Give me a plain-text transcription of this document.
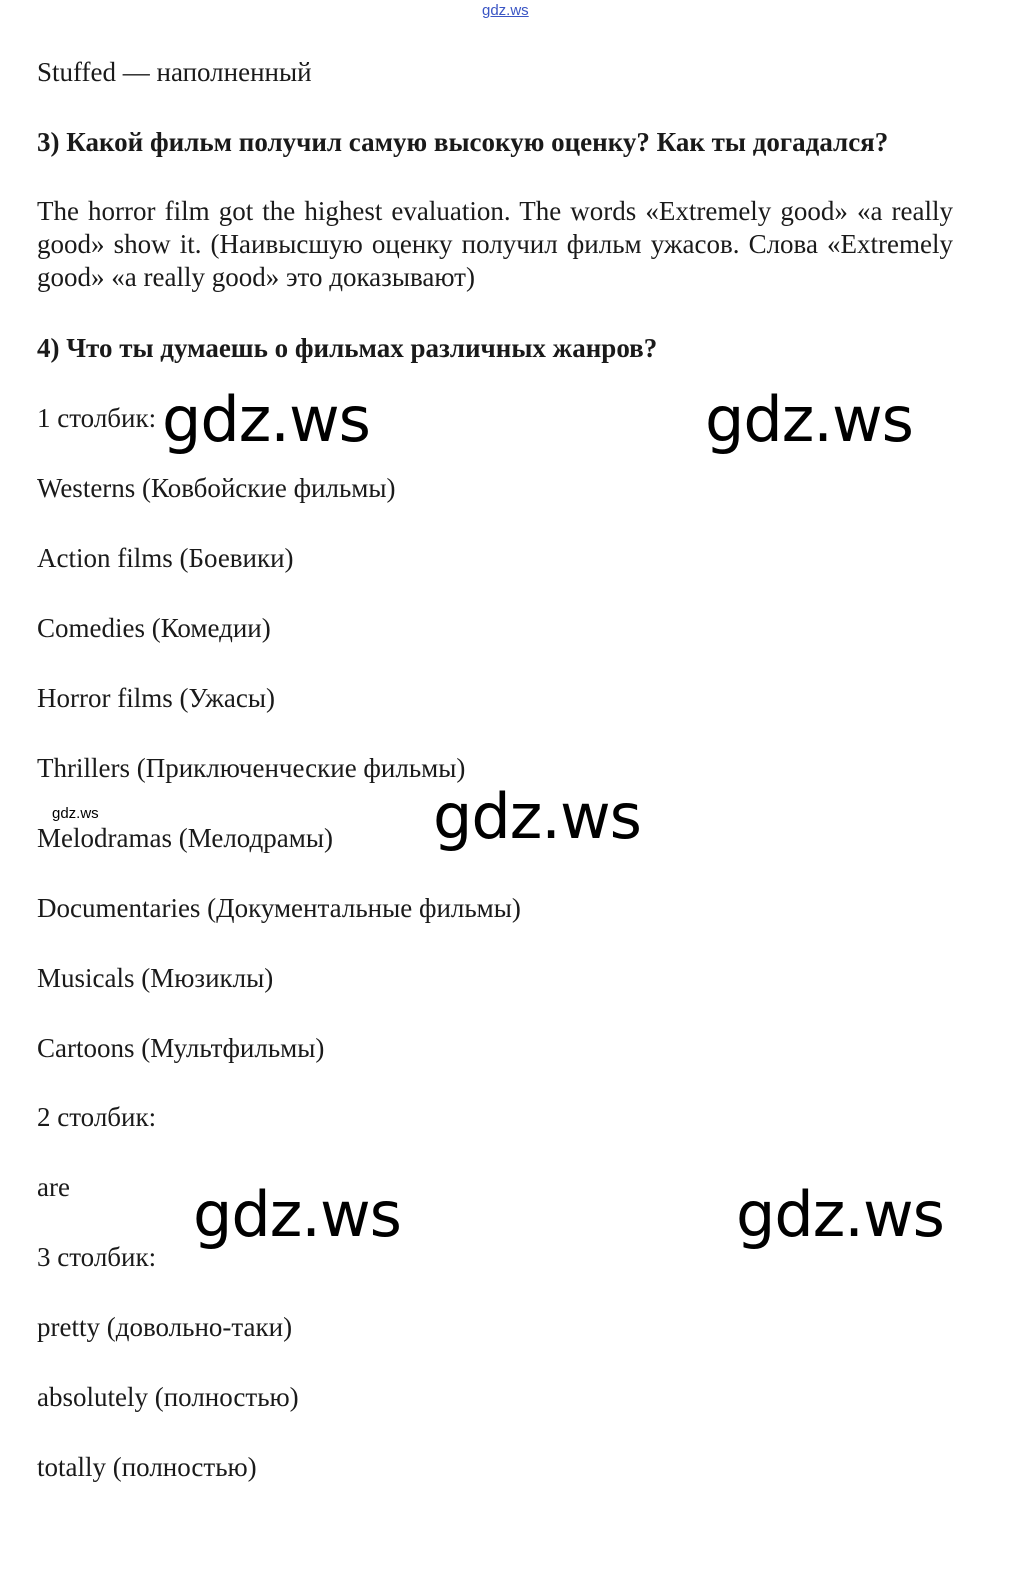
gdz.ws
Stuffed — наполненный
3) Какой фильм получил самую высокую оценку? Как ты догадался?
The horror film got the highest evaluation. The words «Extremely good» «a really good» show it. (Наивысшую оценку получил фильм ужасов. Слова «Extremely good» «a really good» это доказывают)
4) Что ты думаешь о фильмах различных жанров?
1 столбик:
Westerns (Ковбойские фильмы)
Action films (Боевики)
Comedies (Комедии)
Horror films (Ужасы)
Thrillers (Приключенческие фильмы)
Melodramas (Мелодрамы)
Documentaries (Документальные фильмы)
Musicals (Мюзиклы)
Cartoons (Мультфильмы)
2 столбик:
are
3 столбик:
pretty (довольно-таки)
absolutely (полностью)
totally (полностью)
gdz.ws	gdz.ws
gdz.ws
gdz.ws	gdz.ws
gdz.ws
